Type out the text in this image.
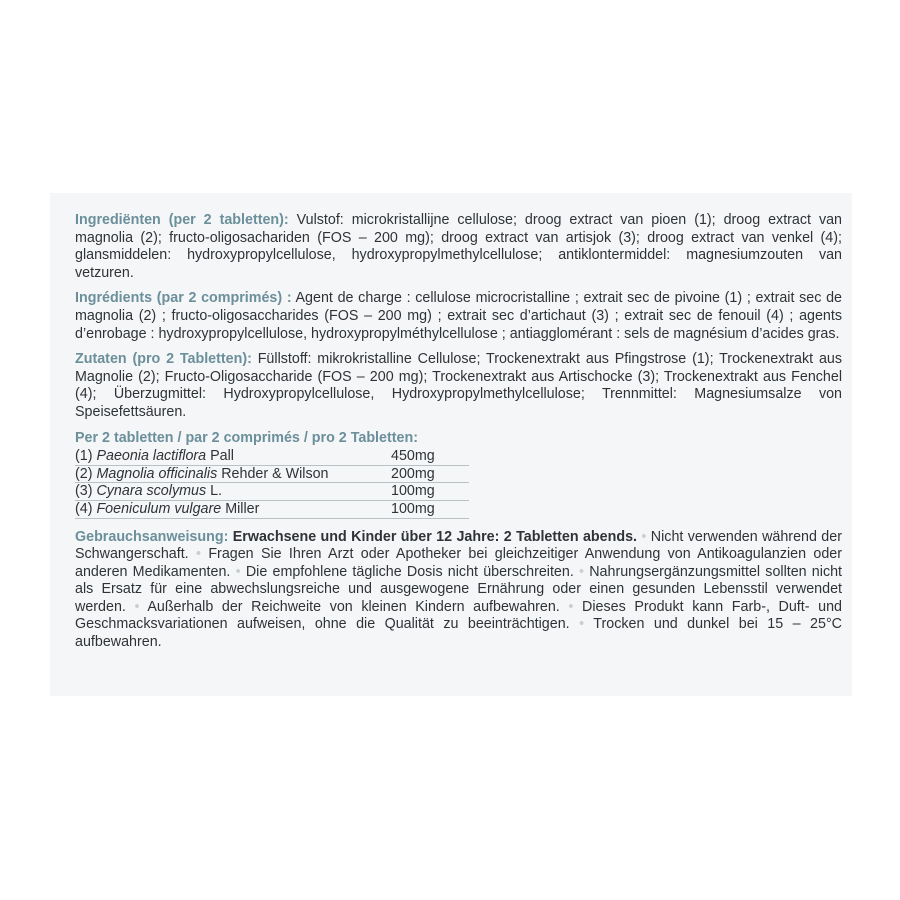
Ingrediënten (per 2 tabletten): Vulstof: microkristallijne cellulose; droog extract van pioen (1); droog extract van magnolia (2); fructo-oligosachariden (FOS – 200 mg); droog extract van artisjok (3); droog extract van venkel (4); glansmiddelen: hydroxypropylcellulose, hydroxypropylmethylcellulose; antiklontermiddel: magnesiumzouten van vetzuren.

Ingrédients (par 2 comprimés) : Agent de charge : cellulose microcristalline ; extrait sec de pivoine (1) ; extrait sec de magnolia (2) ; fructo-oligosaccharides (FOS – 200 mg) ; extrait sec d’artichaut (3) ; extrait sec de fenouil (4) ; agents d’enrobage : hydroxypropylcellulose, hydroxypropylméthylcellulose ; antiagglomérant : sels de magnésium d’acides gras.

Zutaten (pro 2 Tabletten): Füllstoff: mikrokristalline Cellulose; Trockenextrakt aus Pfingstrose (1); Trockenextrakt aus Magnolie (2); Fructo-Oligosaccharide (FOS – 200 mg); Trockenextrakt aus Artischocke (3); Trockenextrakt aus Fenchel (4); Überzugmittel: Hydroxypropylcellulose, Hydroxypropylmethylcellulose; Trennmittel: Magnesiumsalze von Speisefettsäuren.

Per 2 tabletten / par 2 comprimés / pro 2 Tabletten:
(1) Paeonia lactiflora Pall	450mg
(2) Magnolia officinalis Rehder & Wilson	200mg
(3) Cynara scolymus L.	100mg
(4) Foeniculum vulgare Miller	100mg

Gebrauchsanweisung: Erwachsene und Kinder über 12 Jahre: 2 Tabletten abends. • Nicht verwenden während der Schwangerschaft. • Fragen Sie Ihren Arzt oder Apotheker bei gleichzeitiger Anwendung von Antikoagulanzien oder anderen Medikamenten. • Die empfohlene tägliche Dosis nicht überschreiten. • Nahrungsergänzungsmittel sollten nicht als Ersatz für eine abwechslungsreiche und ausgewogene Ernährung oder einen gesunden Lebensstil verwendet werden. • Außerhalb der Reichweite von kleinen Kindern aufbewahren. • Dieses Produkt kann Farb-, Duft- und Geschmacksvariationen aufweisen, ohne die Qualität zu beeinträchtigen. • Trocken und dunkel bei 15 – 25°C aufbewahren.
